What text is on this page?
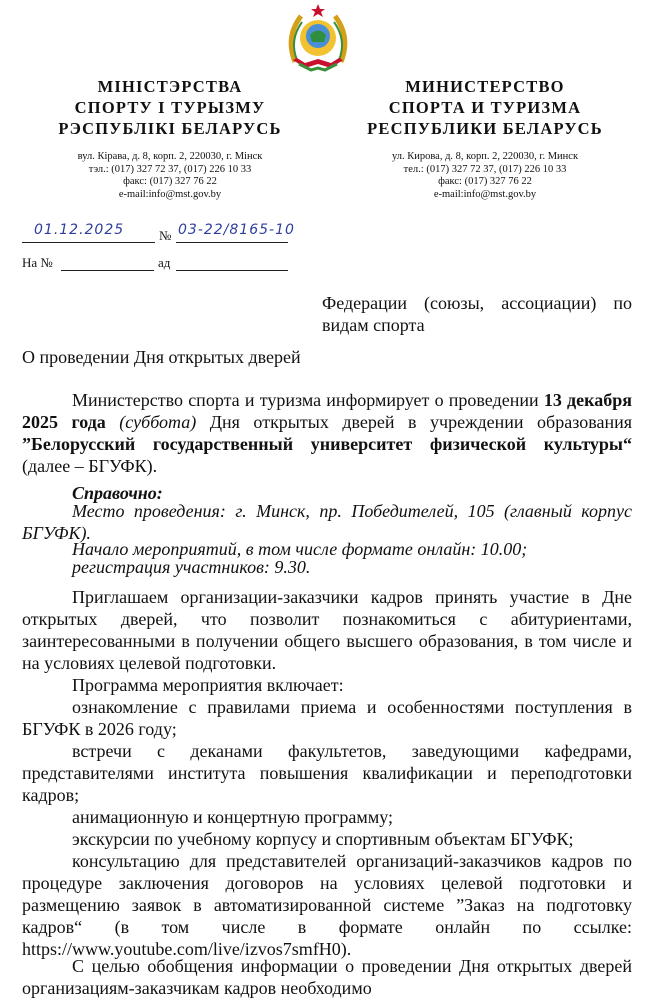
МІНІСТЭРСТВА
СПОРТУ І ТУРЫЗМУ
РЭСПУБЛІКІ БЕЛАРУСЬ
вул. Кірава, д. 8, корп. 2, 220030, г. Мінск
тэл.: (017) 327 72 37, (017) 226 10 33
факс: (017) 327 76 22
e-mail:info@mst.gov.by
МИНИСТЕРСТВО
СПОРТА И ТУРИЗМА
РЕСПУБЛИКИ БЕЛАРУСЬ
ул. Кирова, д. 8, корп. 2, 220030, г. Минск
тел.: (017) 327 72 37, (017) 226 10 33
факс: (017) 327 76 22
e-mail:info@mst.gov.by
01.12.2025	№ 03-22/8165-10
На №	ад
Федерации (союзы, ассоциации) по видам спорта
О проведении Дня открытых дверей
Министерство спорта и туризма информирует о проведении 13 декабря 2025 года (суббота) Дня открытых дверей в учреждении образования ”Белорусский государственный университет физической культуры“ (далее – БГУФК).
Справочно:
Место проведения: г. Минск, пр. Победителей, 105 (главный корпус БГУФК).
Начало мероприятий, в том числе формате онлайн: 10.00;
регистрация участников: 9.30.
Приглашаем организации-заказчики кадров принять участие в Дне открытых дверей, что позволит познакомиться с абитуриентами, заинтересованными в получении общего высшего образования, в том числе и на условиях целевой подготовки.
Программа мероприятия включает:
ознакомление с правилами приема и особенностями поступления в БГУФК в 2026 году;
встречи с деканами факультетов, заведующими кафедрами, представителями института повышения квалификации и переподготовки кадров;
анимационную и концертную программу;
экскурсии по учебному корпусу и спортивным объектам БГУФК;
консультацию для представителей организаций-заказчиков кадров по процедуре заключения договоров на условиях целевой подготовки и размещению заявок в автоматизированной системе ”Заказ на подготовку кадров“ (в том числе в формате онлайн по ссылке: https://www.youtube.com/live/izvos7smfH0).
С целью обобщения информации о проведении Дня открытых дверей организациям-заказчикам кадров необходимо
